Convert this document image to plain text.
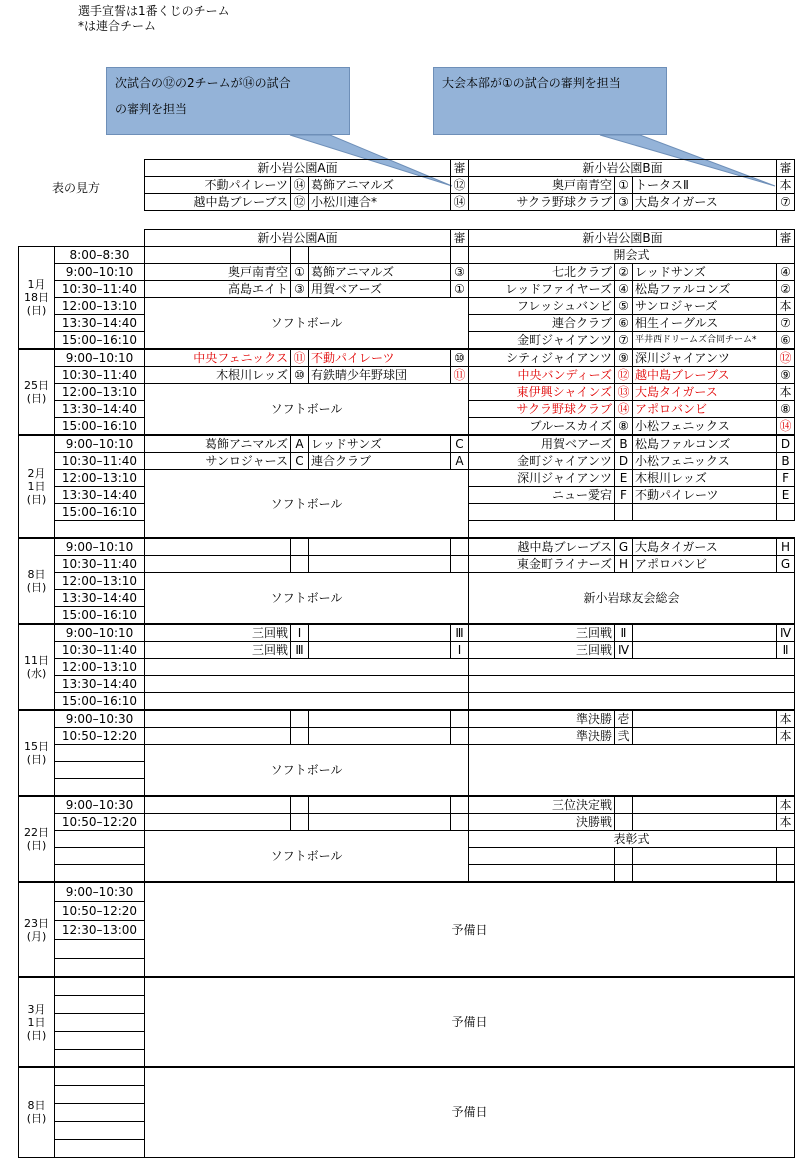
選手宣誓は1番くじのチーム
*は連合チーム
次試合の⑫の2チームが⑭の試合
の審判を担当
大会本部が①の試合の審判を担当
表の見方
新小岩公園A面			審	新小岩公園B面			審
不動パイレーツ	⑭	葛飾アニマルズ	⑫	奥戸南青空	①	トータスⅡ	本
越中島ブレーブス	⑫	小松川連合*	⑭	サクラ野球クラブ	③	大島タイガース	⑦
		新小岩公園A面			審	新小岩公園B面			審

1月
18日
(日)	8:00–8:30					開会式			
	9:00–10:10	奥戸南青空	①	葛飾アニマルズ	③	七北クラブ	②	レッドサンズ	④
	10:30–11:40	高島エイト	③	用賀ベアーズ	①	レッドファイヤーズ	④	松島ファルコンズ	②
	12:00–13:10	ソフトボール				フレッシュバンビ	⑤	サンロジャーズ	本
	13:30–14:40					連合クラブ	⑥	相生イーグルス	⑦
	15:00–16:10					金町ジャイアンツ	⑦	平井西ドリームズ合同チーム*	⑥

25日
(日)	9:00–10:10	中央フェニックス	⑪	不動パイレーツ	⑩	シティジャイアンツ	⑨	深川ジャイアンツ	⑫
	10:30–11:40	木根川レッズ	⑩	有鉄晴少年野球団	⑪	中央バンディーズ	⑫	越中島ブレーブス	⑨
	12:00–13:10	ソフトボール				東伊興シャインズ	⑬	大島タイガース	本
	13:30–14:40					サクラ野球クラブ	⑭	アポロバンビ	⑧
	15:00–16:10					ブルースカイズ	⑧	小松フェニックス	⑭

2月
1日
(日)	9:00–10:10	葛飾アニマルズ	A	レッドサンズ	C	用賀ベアーズ	B	松島ファルコンズ	D
	10:30–11:40	サンロジャース	C	連合クラブ	A	金町ジャイアンツ	D	小松フェニックス	B
	12:00–13:10	ソフトボール				深川ジャイアンツ	E	木根川レッズ	F
	13:30–14:40					ニュー愛宕	F	不動パイレーツ	E
	15:00–16:10								

8日
(日)	9:00–10:10					越中島ブレーブス	G	大島タイガース	H
	10:30–11:40					東金町ライナーズ	H	アポロバンビ	G
	12:00–13:10	ソフトボール				新小岩球友会総会			
	13:30–14:40								
	15:00–16:10								

11日
(水)	9:00–10:10	三回戦	Ⅰ		Ⅲ	三回戦	Ⅱ		Ⅳ
	10:30–11:40	三回戦	Ⅲ		Ⅰ	三回戦	Ⅳ		Ⅱ
	12:00–13:10								
	13:30–14:40								
	15:00–16:10								

15日
(日)	9:00–10:30					準決勝	壱		本
	10:50–12:20					準決勝	弐		本
		ソフトボール							

22日
(日)	9:00–10:30					三位決定戦			本
	10:50–12:20					決勝戦			本
		ソフトボール				表彰式			

23日
(月)	9:00–10:30	予備日							
	10:50–12:20								
	12:30–13:00								

3月
1日
(日)		予備日							

8日
(日)		予備日							
